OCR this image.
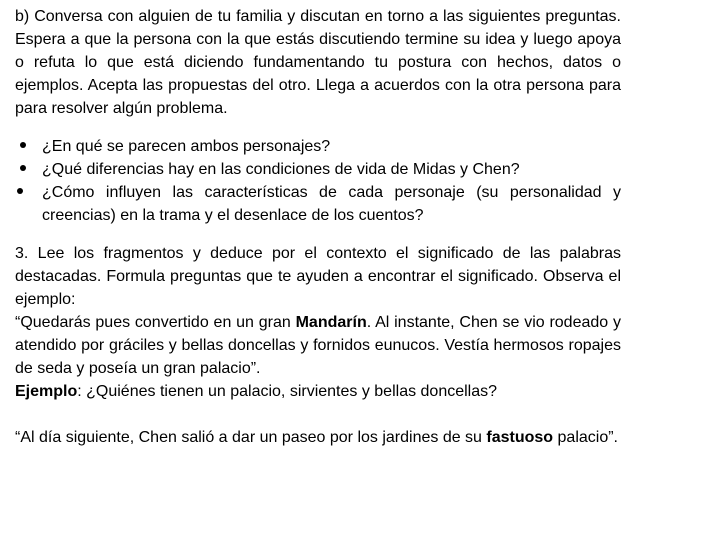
b) Conversa con alguien de tu familia y discutan en torno a las siguientes preguntas. Espera a que la persona con la que estás discutiendo termine su idea y luego apoya o refuta lo que está diciendo fundamentando tu postura con hechos, datos o ejemplos. Acepta las propuestas del otro. Llega a acuerdos con la otra persona para para resolver algún problema.

¿En qué se parecen ambos personajes?
¿Qué diferencias hay en las condiciones de vida de Midas y Chen?
¿Cómo influyen las características de cada personaje (su personalidad y creencias) en la trama y el desenlace de los cuentos?

3. Lee los fragmentos y deduce por el contexto el significado de las palabras destacadas. Formula preguntas que te ayuden a encontrar el significado. Observa el ejemplo:

“Quedarás pues convertido en un gran Mandarín. Al instante, Chen se vio rodeado y atendido por gráciles y bellas doncellas y fornidos eunucos. Vestía hermosos ropajes de seda y poseía un gran palacio”.

Ejemplo: ¿Quiénes tienen un palacio, sirvientes y bellas doncellas?

“Al día siguiente, Chen salió a dar un paseo por los jardines de su fastuoso palacio”.
